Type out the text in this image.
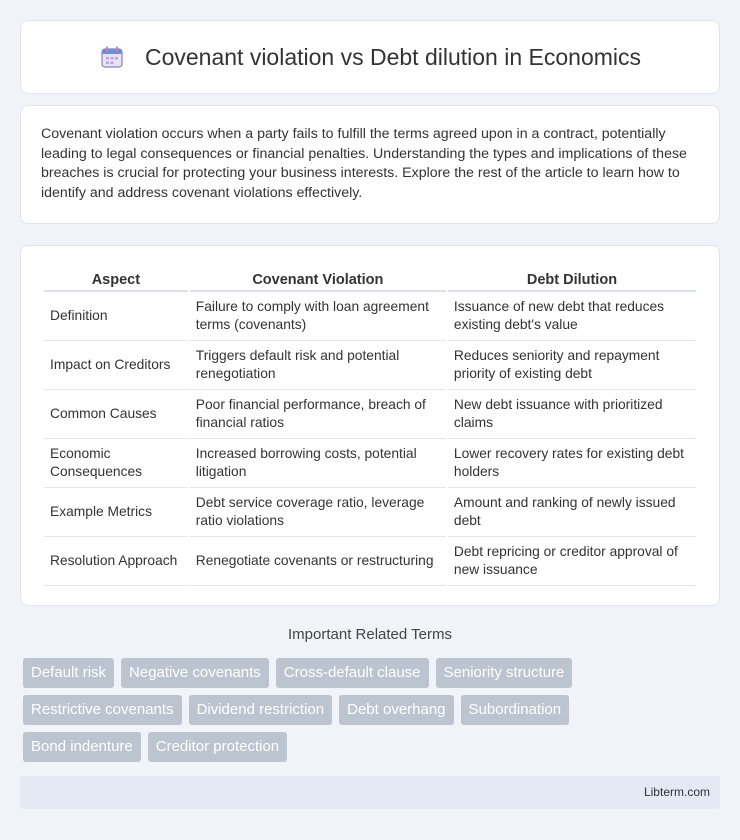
Covenant violation vs Debt dilution in Economics

Covenant violation occurs when a party fails to fulfill the terms agreed upon in a contract, potentially leading to legal consequences or financial penalties. Understanding the types and implications of these breaches is crucial for protecting your business interests. Explore the rest of the article to learn how to identify and address covenant violations effectively.

Aspect	Covenant Violation	Debt Dilution
Definition	Failure to comply with loan agreement terms (covenants)	Issuance of new debt that reduces existing debt's value
Impact on Creditors	Triggers default risk and potential renegotiation	Reduces seniority and repayment priority of existing debt
Common Causes	Poor financial performance, breach of financial ratios	New debt issuance with prioritized claims
Economic Consequences	Increased borrowing costs, potential litigation	Lower recovery rates for existing debt holders
Example Metrics	Debt service coverage ratio, leverage ratio violations	Amount and ranking of newly issued debt
Resolution Approach	Renegotiate covenants or restructuring	Debt repricing or creditor approval of new issuance
Important Related Terms
Default risk	Negative covenants	Cross-default clause	Seniority structure
Restrictive covenants	Dividend restriction	Debt overhang	Subordination
Bond indenture	Creditor protection
Libterm.com
